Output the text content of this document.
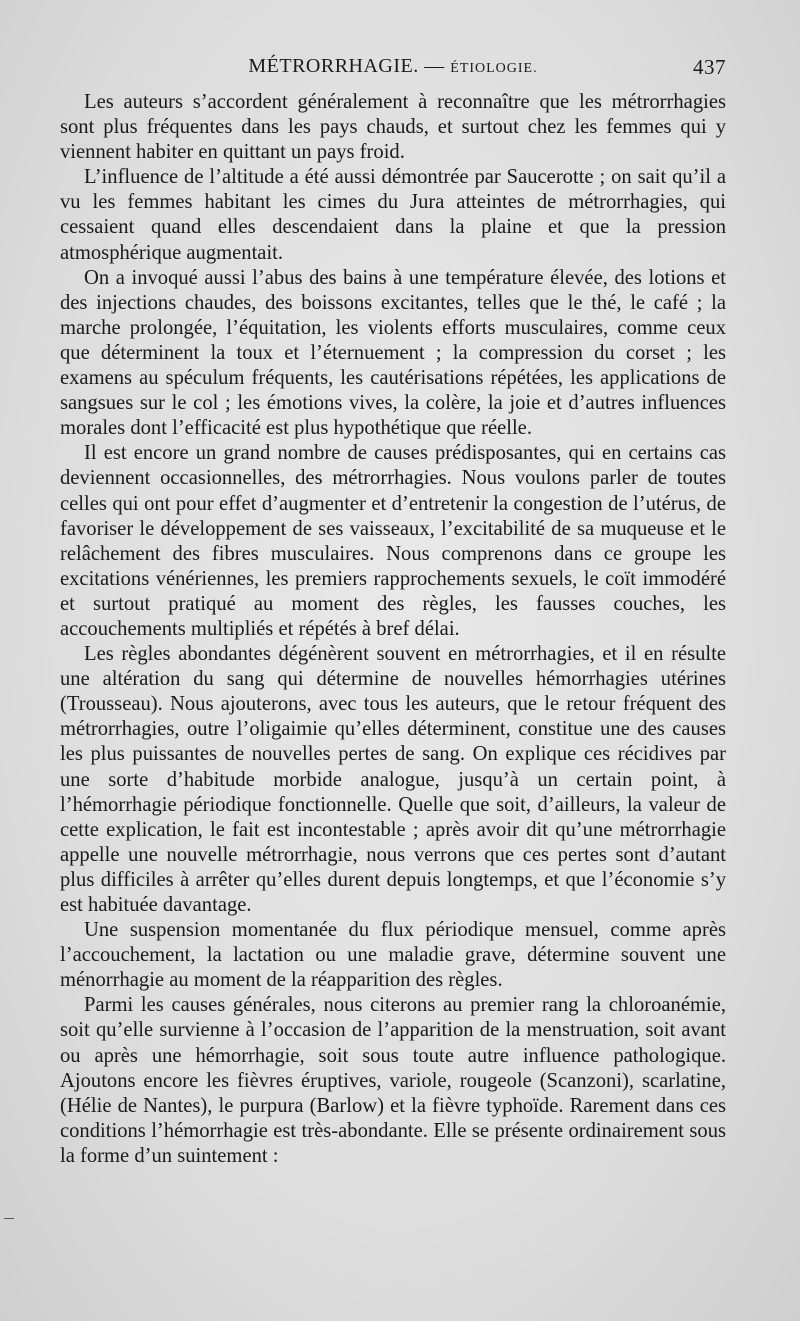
MÉTRORRHAGIE. — ÉTIOLOGIE.	437

Les auteurs s’accordent généralement à reconnaître que les métrorrhagies sont plus fréquentes dans les pays chauds, et surtout chez les femmes qui y viennent habiter en quittant un pays froid.

L’influence de l’altitude a été aussi démontrée par Saucerotte ; on sait qu’il a vu les femmes habitant les cimes du Jura atteintes de métrorrhagies, qui cessaient quand elles descendaient dans la plaine et que la pression atmosphérique augmentait.

On a invoqué aussi l’abus des bains à une température élevée, des lotions et des injections chaudes, des boissons excitantes, telles que le thé, le café ; la marche prolongée, l’équitation, les violents efforts musculaires, comme ceux que déterminent la toux et l’éternuement ; la compression du corset ; les examens au spéculum fréquents, les cautérisations répétées, les applications de sangsues sur le col ; les émotions vives, la colère, la joie et d’autres influences morales dont l’efficacité est plus hypothétique que réelle.

Il est encore un grand nombre de causes prédisposantes, qui en certains cas deviennent occasionnelles, des métrorrhagies. Nous voulons parler de toutes celles qui ont pour effet d’augmenter et d’entretenir la congestion de l’utérus, de favoriser le développement de ses vaisseaux, l’excitabilité de sa muqueuse et le relâchement des fibres musculaires. Nous comprenons dans ce groupe les excitations vénériennes, les premiers rapprochements sexuels, le coït immodéré et surtout pratiqué au moment des règles, les fausses couches, les accouchements multipliés et répétés à bref délai.

Les règles abondantes dégénèrent souvent en métrorrhagies, et il en résulte une altération du sang qui détermine de nouvelles hémorrhagies utérines (Trousseau). Nous ajouterons, avec tous les auteurs, que le retour fréquent des métrorrhagies, outre l’oligaimie qu’elles déterminent, constitue une des causes les plus puissantes de nouvelles pertes de sang. On explique ces récidives par une sorte d’habitude morbide analogue, jusqu’à un certain point, à l’hémorrhagie périodique fonctionnelle. Quelle que soit, d’ailleurs, la valeur de cette explication, le fait est incontestable ; après avoir dit qu’une métrorrhagie appelle une nouvelle métrorrhagie, nous verrons que ces pertes sont d’autant plus difficiles à arrêter qu’elles durent depuis longtemps, et que l’économie s’y est habituée davantage.

Une suspension momentanée du flux périodique mensuel, comme après l’accouchement, la lactation ou une maladie grave, détermine souvent une ménorrhagie au moment de la réapparition des règles.

Parmi les causes générales, nous citerons au premier rang la chloroanémie, soit qu’elle survienne à l’occasion de l’apparition de la menstruation, soit avant ou après une hémorrhagie, soit sous toute autre influence pathologique. Ajoutons encore les fièvres éruptives, variole, rougeole (Scanzoni), scarlatine, (Hélie de Nantes), le purpura (Barlow) et la fièvre typhoïde. Rarement dans ces conditions l’hémorrhagie est très-abondante. Elle se présente ordinairement sous la forme d’un suintement :
